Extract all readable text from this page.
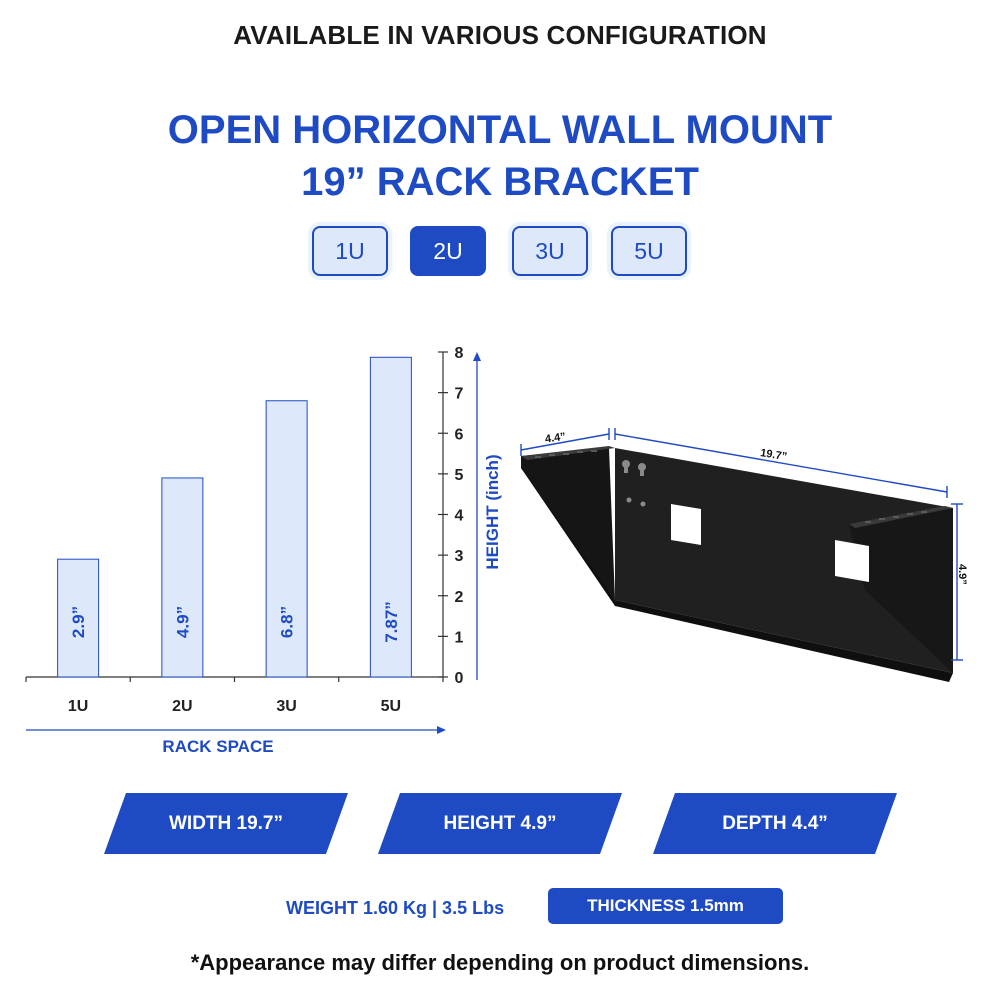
AVAILABLE IN VARIOUS CONFIGURATION
OPEN HORIZONTAL WALL MOUNT
19” RACK BRACKET
1U	2U	3U	5U
0
1
2
3
4
5
6
7
8
2.9”
1U
4.9”
2U
6.8”
3U
7.87”
5U
RACK SPACE
HEIGHT (inch)
4.4”
19.7”
4.9”
WIDTH 19.7”	HEIGHT 4.9”	DEPTH 4.4”
WEIGHT 1.60 Kg | 3.5 Lbs	THICKNESS 1.5mm
*Appearance may differ depending on product dimensions.
